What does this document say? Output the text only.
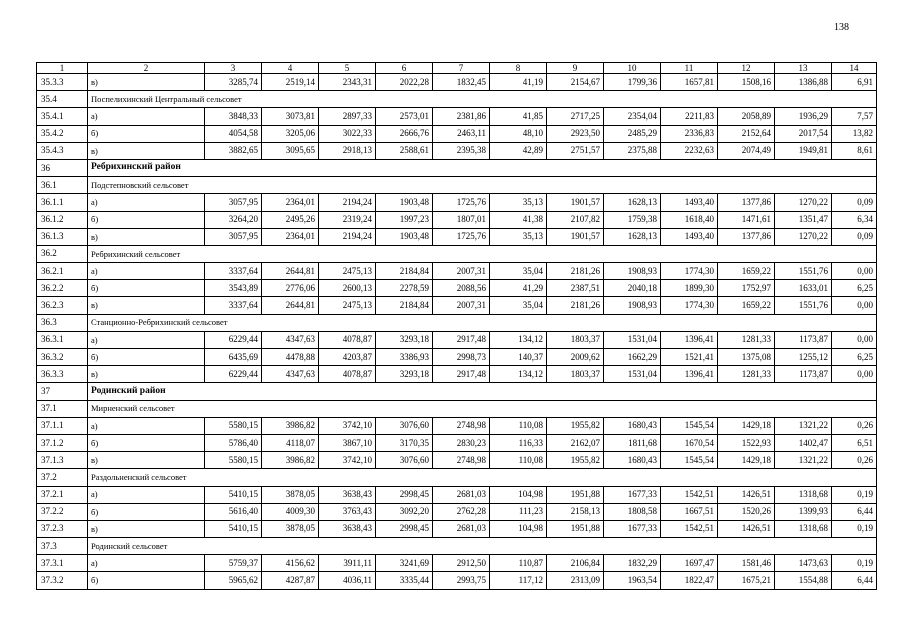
138
1	2	3	4	5	6	7	8	9	10	11	12	13	14
35.3.3	в)	3285,74	2519,14	2343,31	2022,28	1832,45	41,19	2154,67	1799,36	1657,81	1508,16	1386,88	6,91
35.4	Поспелихинский Центральный сельсовет												
35.4.1	а)	3848,33	3073,81	2897,33	2573,01	2381,86	41,85	2717,25	2354,04	2211,83	2058,89	1936,29	7,57
35.4.2	б)	4054,58	3205,06	3022,33	2666,76	2463,11	48,10	2923,50	2485,29	2336,83	2152,64	2017,54	13,82
35.4.3	в)	3882,65	3095,65	2918,13	2588,61	2395,38	42,89	2751,57	2375,88	2232,63	2074,49	1949,81	8,61
36	Ребрихинский район												
36.1	Подстепновский сельсовет												
36.1.1	а)	3057,95	2364,01	2194,24	1903,48	1725,76	35,13	1901,57	1628,13	1493,40	1377,86	1270,22	0,09
36.1.2	б)	3264,20	2495,26	2319,24	1997,23	1807,01	41,38	2107,82	1759,38	1618,40	1471,61	1351,47	6,34
36.1.3	в)	3057,95	2364,01	2194,24	1903,48	1725,76	35,13	1901,57	1628,13	1493,40	1377,86	1270,22	0,09
36.2	Ребрихинский сельсовет												
36.2.1	а)	3337,64	2644,81	2475,13	2184,84	2007,31	35,04	2181,26	1908,93	1774,30	1659,22	1551,76	0,00
36.2.2	б)	3543,89	2776,06	2600,13	2278,59	2088,56	41,29	2387,51	2040,18	1899,30	1752,97	1633,01	6,25
36.2.3	в)	3337,64	2644,81	2475,13	2184,84	2007,31	35,04	2181,26	1908,93	1774,30	1659,22	1551,76	0,00
36.3	Станционно-Ребрихинский сельсовет												
36.3.1	а)	6229,44	4347,63	4078,87	3293,18	2917,48	134,12	1803,37	1531,04	1396,41	1281,33	1173,87	0,00
36.3.2	б)	6435,69	4478,88	4203,87	3386,93	2998,73	140,37	2009,62	1662,29	1521,41	1375,08	1255,12	6,25
36.3.3	в)	6229,44	4347,63	4078,87	3293,18	2917,48	134,12	1803,37	1531,04	1396,41	1281,33	1173,87	0,00
37	Родинский район												
37.1	Мирненский сельсовет												
37.1.1	а)	5580,15	3986,82	3742,10	3076,60	2748,98	110,08	1955,82	1680,43	1545,54	1429,18	1321,22	0,26
37.1.2	б)	5786,40	4118,07	3867,10	3170,35	2830,23	116,33	2162,07	1811,68	1670,54	1522,93	1402,47	6,51
37.1.3	в)	5580,15	3986,82	3742,10	3076,60	2748,98	110,08	1955,82	1680,43	1545,54	1429,18	1321,22	0,26
37.2	Раздольненский сельсовет												
37.2.1	а)	5410,15	3878,05	3638,43	2998,45	2681,03	104,98	1951,88	1677,33	1542,51	1426,51	1318,68	0,19
37.2.2	б)	5616,40	4009,30	3763,43	3092,20	2762,28	111,23	2158,13	1808,58	1667,51	1520,26	1399,93	6,44
37.2.3	в)	5410,15	3878,05	3638,43	2998,45	2681,03	104,98	1951,88	1677,33	1542,51	1426,51	1318,68	0,19
37.3	Родинский сельсовет												
37.3.1	а)	5759,37	4156,62	3911,11	3241,69	2912,50	110,87	2106,84	1832,29	1697,47	1581,46	1473,63	0,19
37.3.2	б)	5965,62	4287,87	4036,11	3335,44	2993,75	117,12	2313,09	1963,54	1822,47	1675,21	1554,88	6,44
